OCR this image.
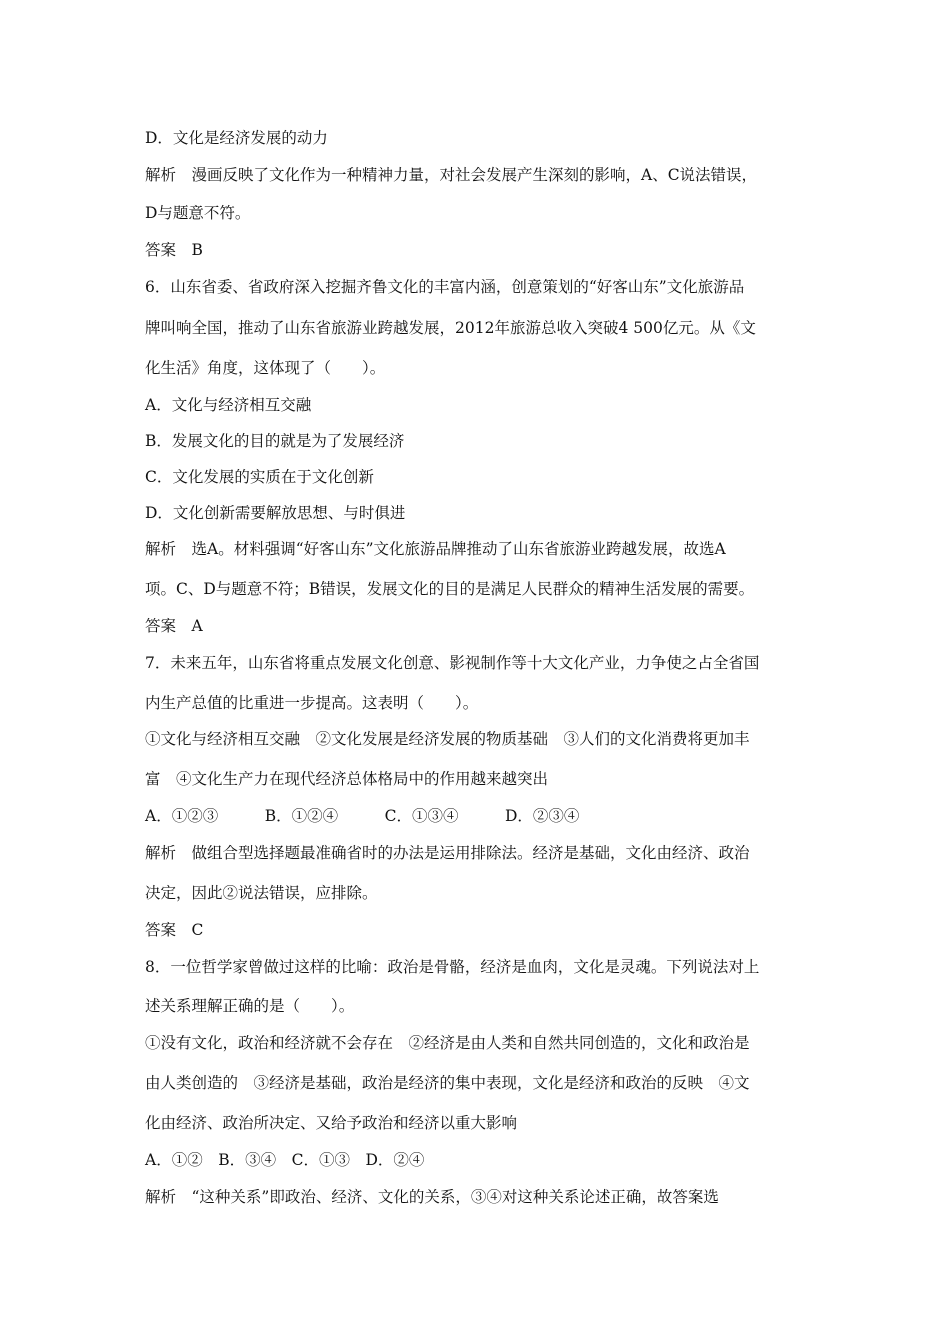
D．文化是经济发展的动力
解析　漫画反映了文化作为一种精神力量，对社会发展产生深刻的影响，A、C说法错误，
D与题意不符。
答案　B
6．山东省委、省政府深入挖掘齐鲁文化的丰富内涵，创意策划的“好客山东”文化旅游品
牌叫响全国，推动了山东省旅游业跨越发展，2012年旅游总收入突破4 500亿元。从《文
化生活》角度，这体现了（　　）。
A．文化与经济相互交融
B．发展文化的目的就是为了发展经济
C．文化发展的实质在于文化创新
D．文化创新需要解放思想、与时俱进
解析　选A。材料强调“好客山东”文化旅游品牌推动了山东省旅游业跨越发展，故选A
项。C、D与题意不符；B错误，发展文化的目的是满足人民群众的精神生活发展的需要。
答案　A
7．未来五年，山东省将重点发展文化创意、影视制作等十大文化产业，力争使之占全省国
内生产总值的比重进一步提高。这表明（　　）。
①文化与经济相互交融　②文化发展是经济发展的物质基础　③人们的文化消费将更加丰
富　④文化生产力在现代经济总体格局中的作用越来越突出
A．①②③　　　B．①②④　　　C．①③④　　　D．②③④
解析　做组合型选择题最准确省时的办法是运用排除法。经济是基础，文化由经济、政治
决定，因此②说法错误，应排除。
答案　C
8．一位哲学家曾做过这样的比喻：政治是骨骼，经济是血肉，文化是灵魂。下列说法对上
述关系理解正确的是（　　）。
①没有文化，政治和经济就不会存在　②经济是由人类和自然共同创造的，文化和政治是
由人类创造的　③经济是基础，政治是经济的集中表现，文化是经济和政治的反映　④文
化由经济、政治所决定、又给予政治和经济以重大影响
A．①②　B．③④　C．①③　D．②④
解析　“这种关系”即政治、经济、文化的关系，③④对这种关系论述正确，故答案选
